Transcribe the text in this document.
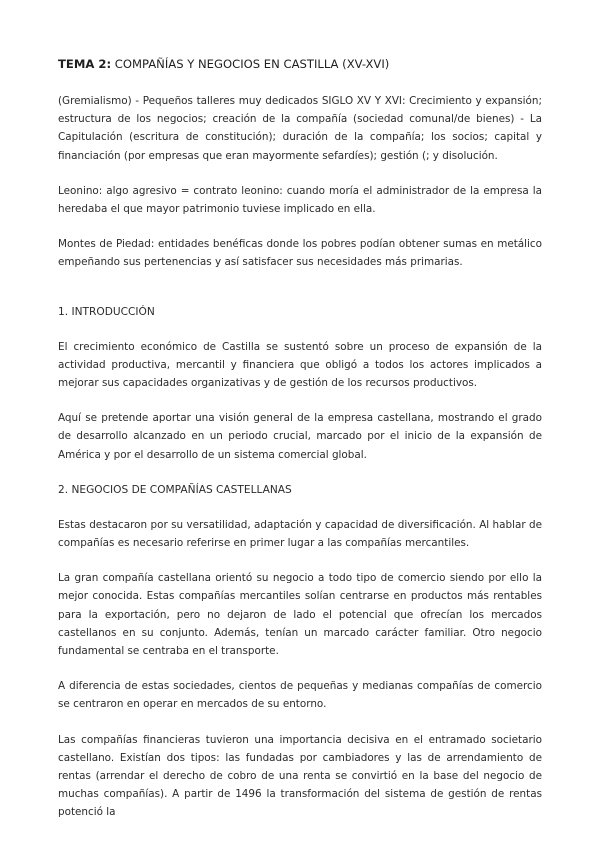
TEMA 2: COMPAÑÍAS Y NEGOCIOS EN CASTILLA (XV-XVI)

(Gremialismo) - Pequeños talleres muy dedicados SIGLO XV Y XVI: Crecimiento y expansión; estructura de los negocios; creación de la compañía (sociedad comunal/de bienes) - La Capitulación (escritura de constitución); duración de la compañía; los socios; capital y financiación (por empresas que eran mayormente sefardíes); gestión (; y disolución.

Leonino: algo agresivo = contrato leonino: cuando moría el administrador de la empresa la heredaba el que mayor patrimonio tuviese implicado en ella.

Montes de Piedad: entidades benéficas donde los pobres podían obtener sumas en metálico empeñando sus pertenencias y así satisfacer sus necesidades más primarias.

1. INTRODUCCIÓN

El crecimiento económico de Castilla se sustentó sobre un proceso de expansión de la actividad productiva, mercantil y financiera que obligó a todos los actores implicados a mejorar sus capacidades organizativas y de gestión de los recursos productivos.

Aquí se pretende aportar una visión general de la empresa castellana, mostrando el grado de desarrollo alcanzado en un periodo crucial, marcado por el inicio de la expansión de América y por el desarrollo de un sistema comercial global.

2. NEGOCIOS DE COMPAÑÍAS CASTELLANAS

Estas destacaron por su versatilidad, adaptación y capacidad de diversificación. Al hablar de compañías es necesario referirse en primer lugar a las compañías mercantiles.

La gran compañía castellana orientó su negocio a todo tipo de comercio siendo por ello la mejor conocida. Estas compañías mercantiles solían centrarse en productos más rentables para la exportación, pero no dejaron de lado el potencial que ofrecían los mercados castellanos en su conjunto. Además, tenían un marcado carácter familiar. Otro negocio fundamental se centraba en el transporte.

A diferencia de estas sociedades, cientos de pequeñas y medianas compañías de comercio se centraron en operar en mercados de su entorno.

Las compañías financieras tuvieron una importancia decisiva en el entramado societario castellano. Existían dos tipos: las fundadas por cambiadores y las de arrendamiento de rentas (arrendar el derecho de cobro de una renta se convirtió en la base del negocio de muchas compañías). A partir de 1496 la transformación del sistema de gestión de rentas potenció la
